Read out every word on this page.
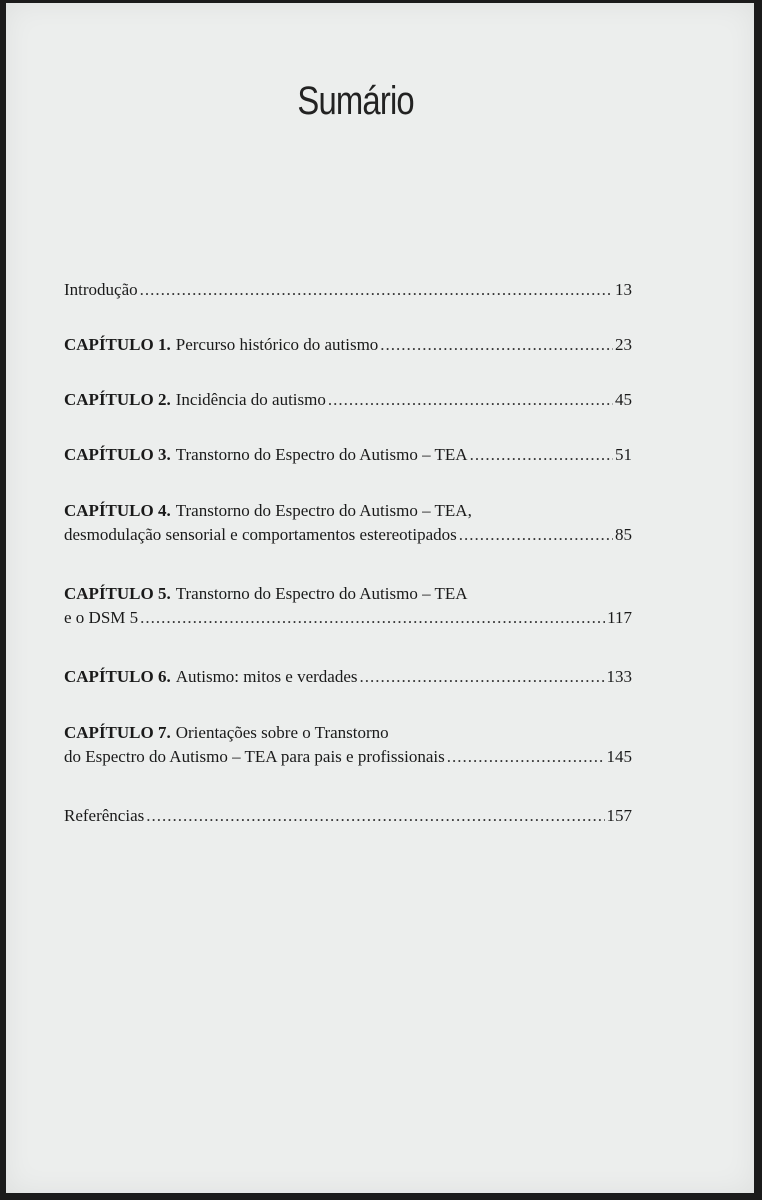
Sumário
Introdução .....	13
CAPÍTULO 1. Percurso histórico do autismo .....	23
CAPÍTULO 2. Incidência do autismo .....	45
CAPÍTULO 3. Transtorno do Espectro do Autismo – TEA .....	51
CAPÍTULO 4. Transtorno do Espectro do Autismo – TEA,
desmodulação sensorial e comportamentos estereotipados .....	85
CAPÍTULO 5. Transtorno do Espectro do Autismo – TEA
e o DSM 5 .....	117
CAPÍTULO 6. Autismo: mitos e verdades .....	133
CAPÍTULO 7. Orientações sobre o Transtorno
do Espectro do Autismo – TEA para pais e profissionais .....	145
Referências .....	157
